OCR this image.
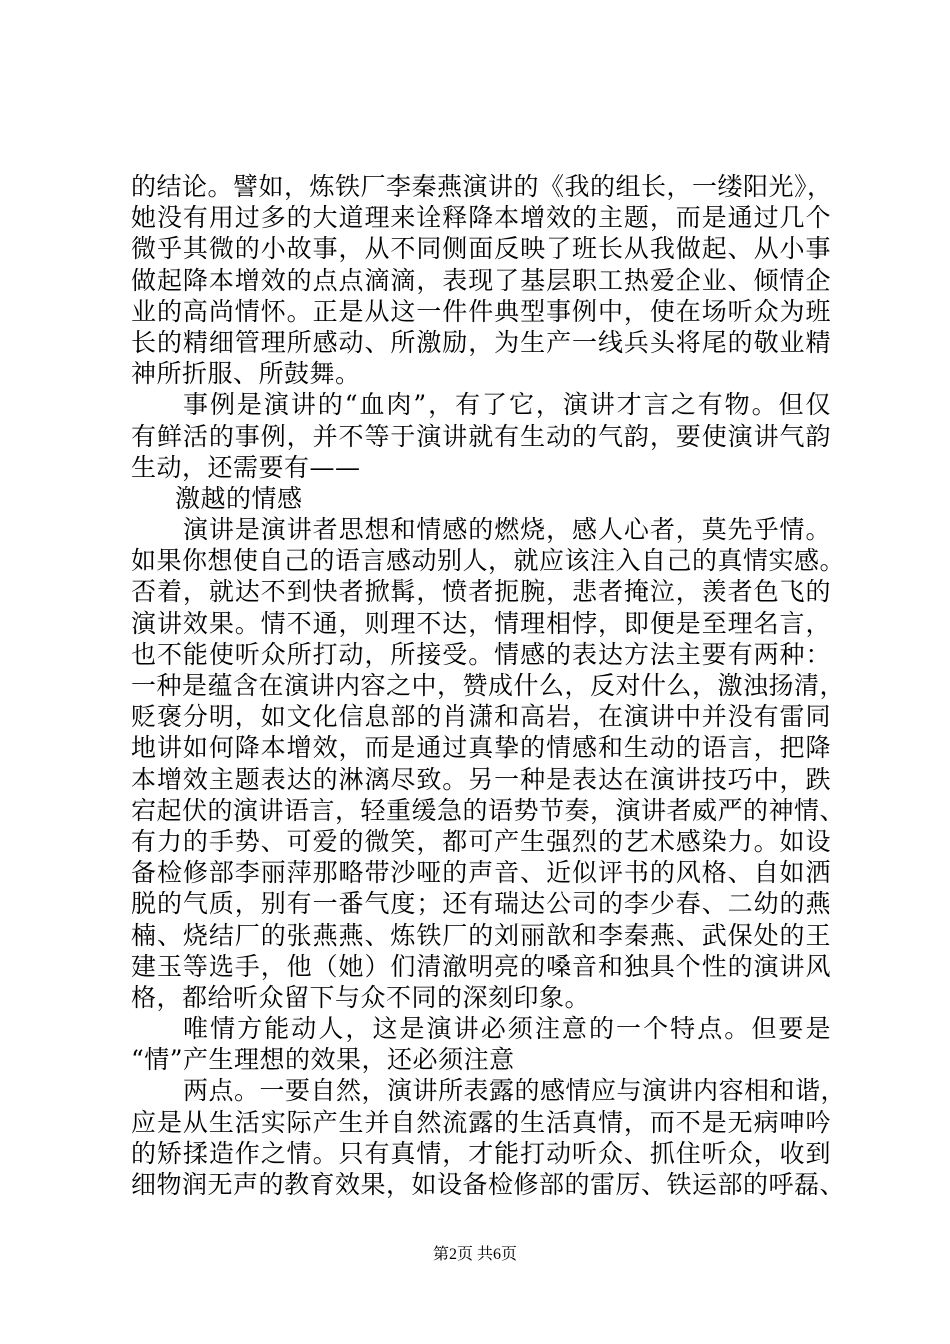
的结论。譬如，炼铁厂李秦燕演讲的《我的组长，一缕阳光》，
她没有用过多的大道理来诠释降本增效的主题，而是通过几个
微乎其微的小故事，从不同侧面反映了班长从我做起、从小事
做起降本增效的点点滴滴，表现了基层职工热爱企业、倾情企
业的高尚情怀。正是从这一件件典型事例中，使在场听众为班
长的精细管理所感动、所激励，为生产一线兵头将尾的敬业精
神所折服、所鼓舞。
事例是演讲的“血肉”，有了它，演讲才言之有物。但仅
有鲜活的事例，并不等于演讲就有生动的气韵，要使演讲气韵
生动，还需要有——
激越的情感
演讲是演讲者思想和情感的燃烧，感人心者，莫先乎情。
如果你想使自己的语言感动别人，就应该注入自己的真情实感。
否着，就达不到快者掀髯，愤者扼腕，悲者掩泣，羡者色飞的
演讲效果。情不通，则理不达，情理相悖，即便是至理名言，
也不能使听众所打动，所接受。情感的表达方法主要有两种：
一种是蕴含在演讲内容之中，赞成什么，反对什么，激浊扬清，
贬褒分明，如文化信息部的肖潇和高岩，在演讲中并没有雷同
地讲如何降本增效，而是通过真挚的情感和生动的语言，把降
本增效主题表达的淋漓尽致。另一种是表达在演讲技巧中，跌
宕起伏的演讲语言，轻重缓急的语势节奏，演讲者威严的神情、
有力的手势、可爱的微笑，都可产生强烈的艺术感染力。如设
备检修部李丽萍那略带沙哑的声音、近似评书的风格、自如洒
脱的气质，别有一番气度；还有瑞达公司的李少春、二幼的燕
楠、烧结厂的张燕燕、炼铁厂的刘丽歆和李秦燕、武保处的王
建玉等选手，他（她）们清澈明亮的嗓音和独具个性的演讲风
格，都给听众留下与众不同的深刻印象。
唯情方能动人，这是演讲必须注意的一个特点。但要是
“情”产生理想的效果，还必须注意
两点。一要自然，演讲所表露的感情应与演讲内容相和谐，
应是从生活实际产生并自然流露的生活真情，而不是无病呻吟
的矫揉造作之情。只有真情，才能打动听众、抓住听众，收到
细物润无声的教育效果，如设备检修部的雷厉、铁运部的呼磊、
第2页 共6页
